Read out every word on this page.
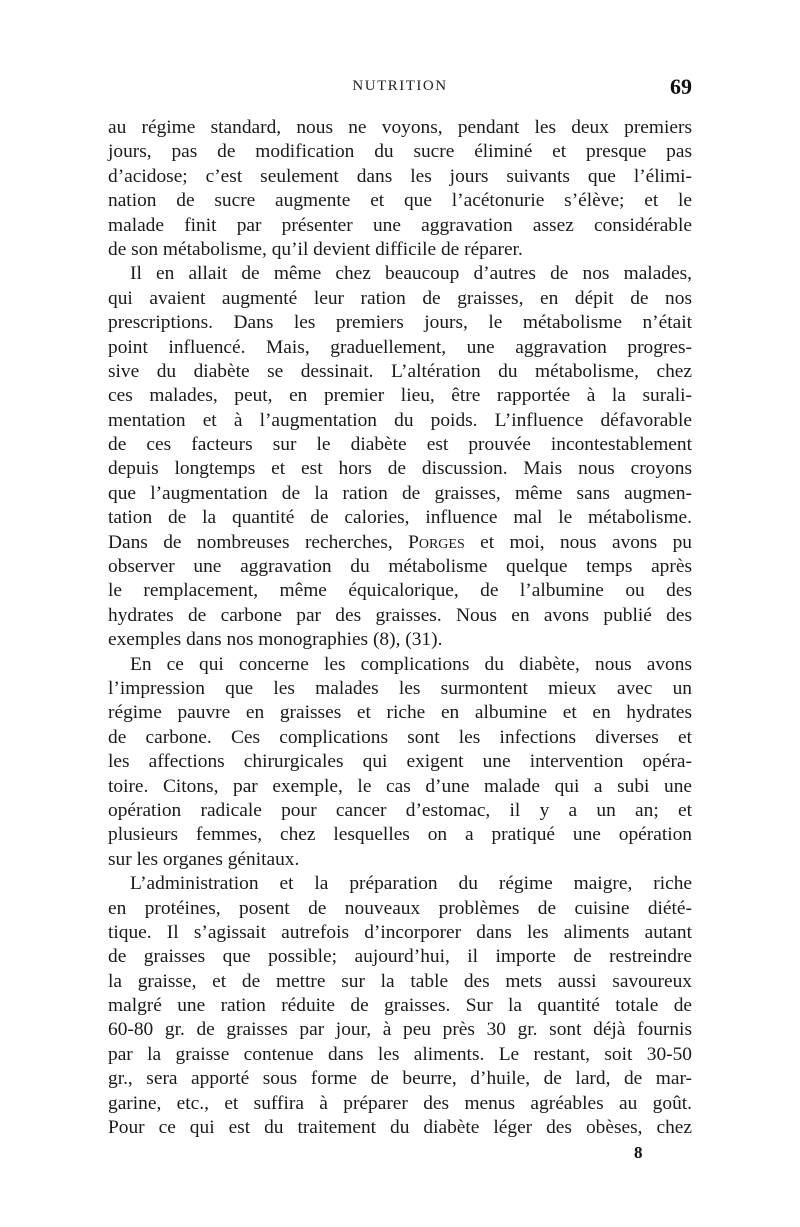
NUTRITION	69
au régime standard, nous ne voyons, pendant les deux premiers
jours, pas de modification du sucre éliminé et presque pas
d’acidose; c’est seulement dans les jours suivants que l’élimi-
nation de sucre augmente et que l’acétonurie s’élève; et le
malade finit par présenter une aggravation assez considérable
de son métabolisme, qu’il devient difficile de réparer.
Il en allait de même chez beaucoup d’autres de nos malades,
qui avaient augmenté leur ration de graisses, en dépit de nos
prescriptions. Dans les premiers jours, le métabolisme n’était
point influencé. Mais, graduellement, une aggravation progres-
sive du diabète se dessinait. L’altération du métabolisme, chez
ces malades, peut, en premier lieu, être rapportée à la surali-
mentation et à l’augmentation du poids. L’influence défavorable
de ces facteurs sur le diabète est prouvée incontestablement
depuis longtemps et est hors de discussion. Mais nous croyons
que l’augmentation de la ration de graisses, même sans augmen-
tation de la quantité de calories, influence mal le métabolisme.
Dans de nombreuses recherches, Porges et moi, nous avons pu
observer une aggravation du métabolisme quelque temps après
le remplacement, même équicalorique, de l’albumine ou des
hydrates de carbone par des graisses. Nous en avons publié des
exemples dans nos monographies (8), (31).
En ce qui concerne les complications du diabète, nous avons
l’impression que les malades les surmontent mieux avec un
régime pauvre en graisses et riche en albumine et en hydrates
de carbone. Ces complications sont les infections diverses et
les affections chirurgicales qui exigent une intervention opéra-
toire. Citons, par exemple, le cas d’une malade qui a subi une
opération radicale pour cancer d’estomac, il y a un an; et
plusieurs femmes, chez lesquelles on a pratiqué une opération
sur les organes génitaux.
L’administration et la préparation du régime maigre, riche
en protéines, posent de nouveaux problèmes de cuisine diété-
tique. Il s’agissait autrefois d’incorporer dans les aliments autant
de graisses que possible; aujourd’hui, il importe de restreindre
la graisse, et de mettre sur la table des mets aussi savoureux
malgré une ration réduite de graisses. Sur la quantité totale de
60-80 gr. de graisses par jour, à peu près 30 gr. sont déjà fournis
par la graisse contenue dans les aliments. Le restant, soit 30-50
gr., sera apporté sous forme de beurre, d’huile, de lard, de mar-
garine, etc., et suffira à préparer des menus agréables au goût.
Pour ce qui est du traitement du diabète léger des obèses, chez
8
